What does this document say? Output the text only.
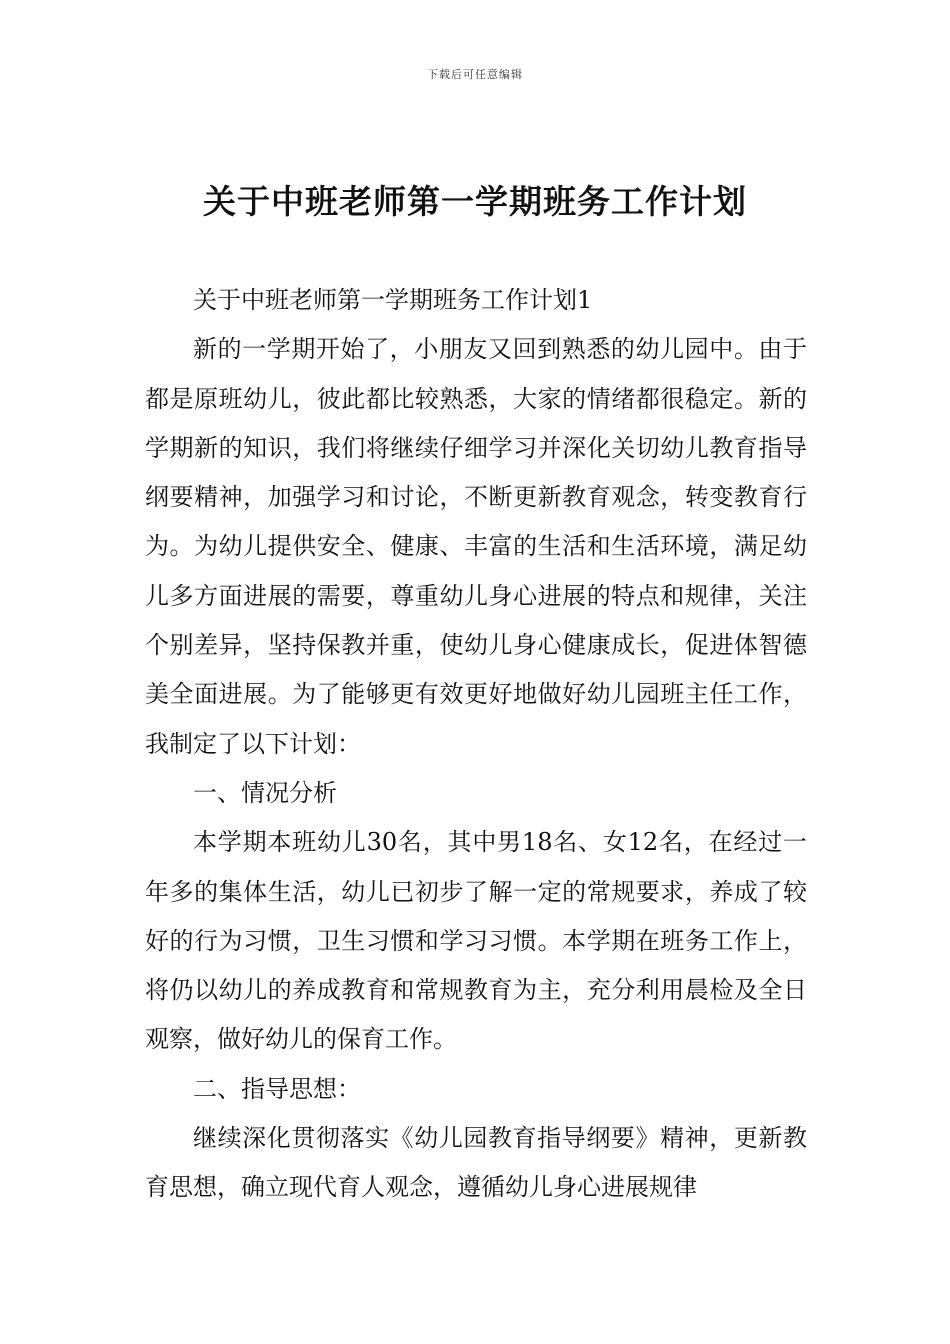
下载后可任意编辑
关于中班老师第一学期班务工作计划

关于中班老师第一学期班务工作计划1

新的一学期开始了，小朋友又回到熟悉的幼儿园中。由于都是原班幼儿，彼此都比较熟悉，大家的情绪都很稳定。新的学期新的知识，我们将继续仔细学习并深化关切幼儿教育指导纲要精神，加强学习和讨论，不断更新教育观念，转变教育行为。为幼儿提供安全、健康、丰富的生活和生活环境，满足幼儿多方面进展的需要，尊重幼儿身心进展的特点和规律，关注个别差异，坚持保教并重，使幼儿身心健康成长，促进体智德美全面进展。为了能够更有效更好地做好幼儿园班主任工作，我制定了以下计划：

一、情况分析

本学期本班幼儿30名，其中男18名、女12名，在经过一年多的集体生活，幼儿已初步了解一定的常规要求，养成了较好的行为习惯，卫生习惯和学习习惯。本学期在班务工作上，将仍以幼儿的养成教育和常规教育为主，充分利用晨检及全日观察，做好幼儿的保育工作。

二、指导思想：

继续深化贯彻落实《幼儿园教育指导纲要》精神，更新教育思想，确立现代育人观念，遵循幼儿身心进展规律
